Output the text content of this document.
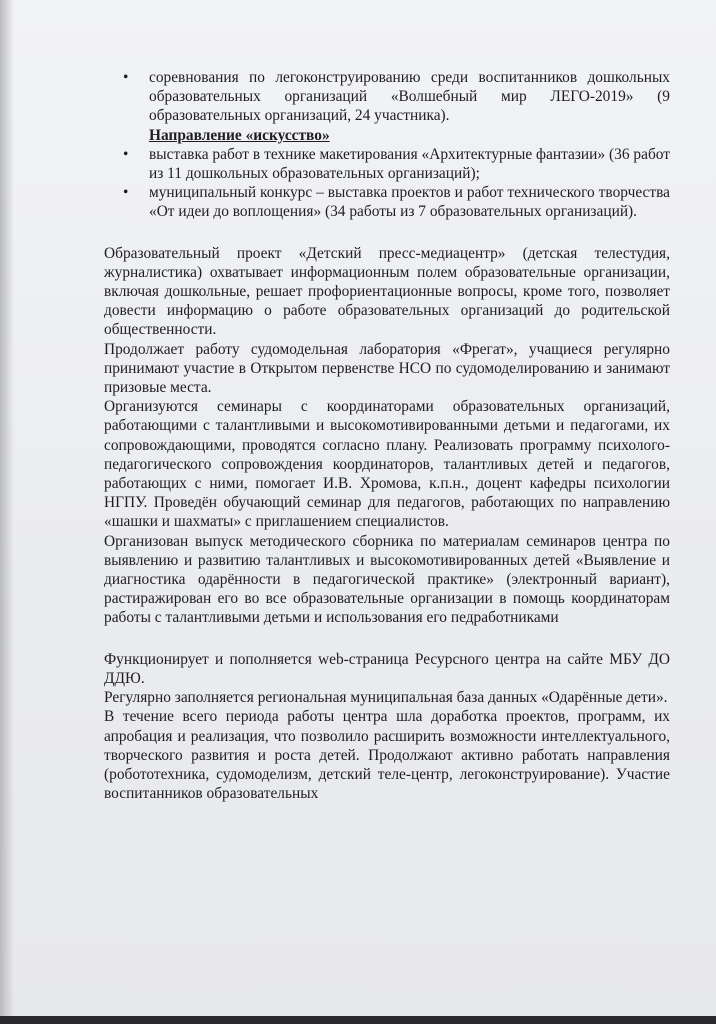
• соревнования по легоконструированию среди воспитанников дошкольных образовательных организаций «Волшебный мир ЛЕГО-2019» (9 образовательных организаций, 24 участника).
Направление «искусство»
• выставка работ в технике макетирования «Архитектурные фантазии» (36 работ из 11 дошкольных образовательных организаций);
• муниципальный конкурс – выставка проектов и работ технического творчества «От идеи до воплощения» (34 работы из 7 образовательных организаций).

Образовательный проект «Детский пресс-медиацентр» (детская телестудия, журналистика) охватывает информационным полем образовательные организации, включая дошкольные, решает профориентационные вопросы, кроме того, позволяет довести информацию о работе образовательных организаций до родительской общественности.

Продолжает работу судомодельная лаборатория «Фрегат», учащиеся регулярно принимают участие в Открытом первенстве НСО по судомоделированию и занимают призовые места.

Организуются семинары с координаторами образовательных организаций, работающими с талантливыми и высокомотивированными детьми и педагогами, их сопровождающими, проводятся согласно плану. Реализовать программу психолого-педагогического сопровождения координаторов, талантливых детей и педагогов, работающих с ними, помогает И.В. Хромова, к.п.н., доцент кафедры психологии НГПУ. Проведён обучающий семинар для педагогов, работающих по направлению «шашки и шахматы» с приглашением специалистов.

Организован выпуск методического сборника по материалам семинаров центра по выявлению и развитию талантливых и высокомотивированных детей «Выявление и диагностика одарённости в педагогической практике» (электронный вариант), растиражирован его во все образовательные организации в помощь координаторам работы с талантливыми детьми и использования его педработниками

Функционирует и пополняется web-страница Ресурсного центра на сайте МБУ ДО ДДЮ.

Регулярно заполняется региональная муниципальная база данных «Одарённые дети».

В течение всего периода работы центра шла доработка проектов, программ, их апробация и реализация, что позволило расширить возможности интеллектуального, творческого развития и роста детей. Продолжают активно работать направления (робототехника, судомоделизм, детский теле-центр, легоконструирование). Участие воспитанников образовательных
